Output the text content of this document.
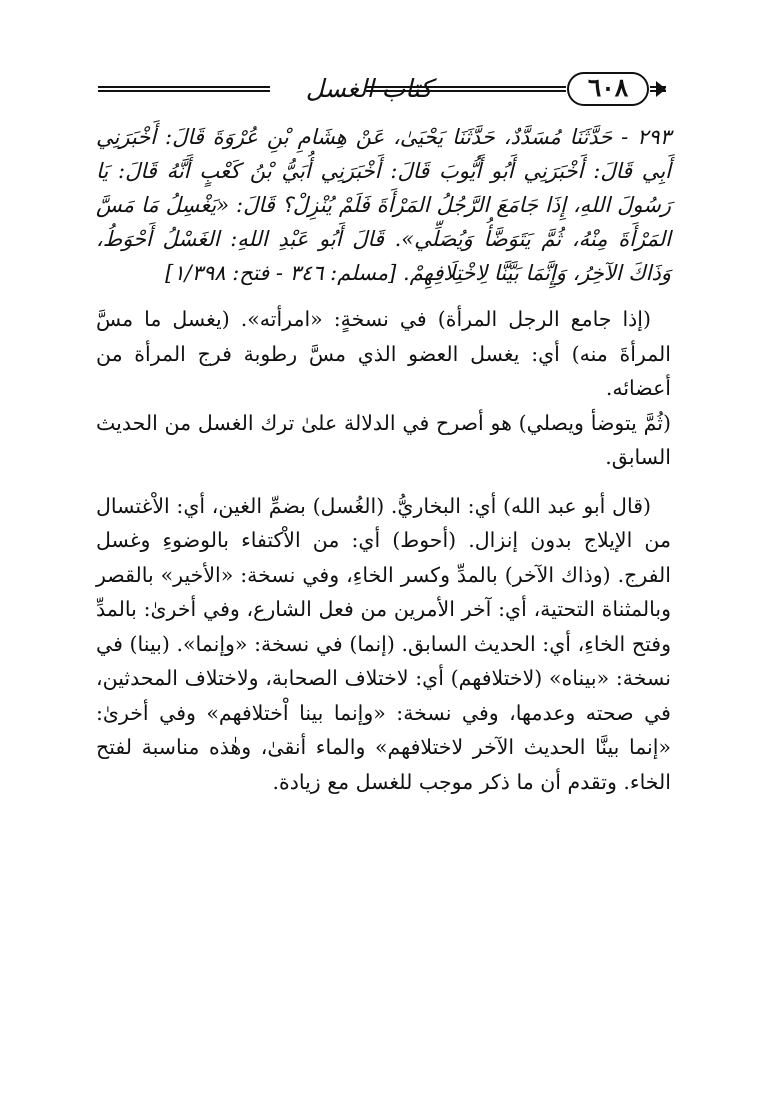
كتاب الغسل	٦٠٨

٢٩٣ - حَدَّثَنَا مُسَدَّدٌ، حَدَّثَنَا يَحْيَىٰ، عَنْ هِشَامِ بْنِ عُرْوَةَ قَالَ: أَخْبَرَنِي أَبِي قَالَ: أَخْبَرَنِي أَبُو أَيُّوبَ قَالَ: أَخْبَرَنِي أُبَيُّ بْنُ كَعْبٍ أَنَّهُ قَالَ: يَا رَسُولَ اللهِ، إِذَا جَامَعَ الرَّجُلُ المَرْأَةَ فَلَمْ يُنْزِلْ؟ قَالَ: «يَغْسِلُ مَا مَسَّ المَرْأَةَ مِنْهُ، ثُمَّ يَتَوَضَّأُ وَيُصَلِّي». قَالَ أَبُو عَبْدِ اللهِ: الغَسْلُ أَحْوَطُ، وَذَاكَ الآخِرُ، وَإِنَّمَا بَيَّنَّا لِاخْتِلَافِهِمْ. [مسلم: ٣٤٦ - فتح: ١/٣٩٨]

(إذا جامع الرجل المرأة) في نسخةٍ: «امرأته». (يغسل ما مسَّ المرأةَ منه) أي: يغسل العضو الذي مسَّ رطوبة فرج المرأة من أعضائه.

(ثُمَّ يتوضأ ويصلي) هو أصرح في الدلالة علىٰ ترك الغسل من الحديث السابق.

(قال أبو عبد الله) أي: البخاريُّ. (الغُسل) بضمِّ الغين، أي: الاْغتسال من الإيلاج بدون إنزال. (أحوط) أي: من الاْكتفاء بالوضوءِ وغسل الفرج. (وذاك الآخر) بالمدِّ وكسر الخاءِ، وفي نسخة: «الأخير» بالقصر وبالمثناة التحتية، أي: آخر الأمرين من فعل الشارع، وفي أخرىٰ: بالمدِّ وفتح الخاءِ، أي: الحديث السابق. (إنما) في نسخة: «وإنما». (بينا) في نسخة: «بيناه» (لاختلافهم) أي: لاختلاف الصحابة، ولاختلاف المحدثين، في صحته وعدمها، وفي نسخة: «وإنما بينا اْختلافهم» وفي أخرىٰ: «إنما بينَّا الحديث الآخر لاختلافهم» والماء أنقىٰ، وهٰذه مناسبة لفتح الخاء. وتقدم أن ما ذكر موجب للغسل مع زيادة.
